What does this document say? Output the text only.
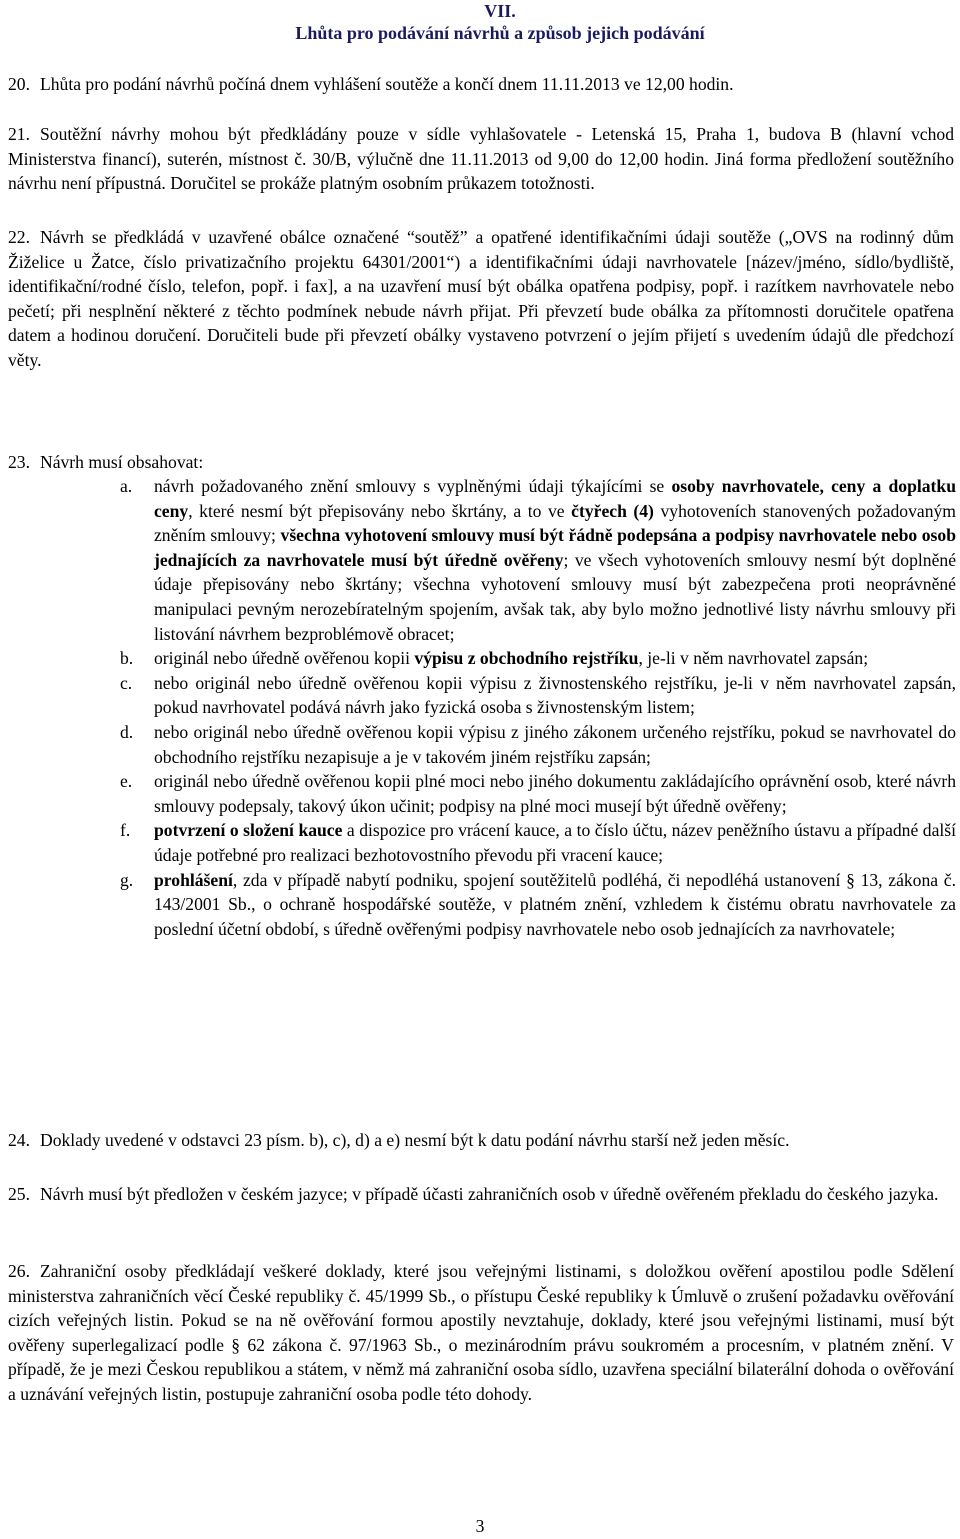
VII.
Lhůta pro podávání návrhů a způsob jejich podávání
20. Lhůta pro podání návrhů počíná dnem vyhlášení soutěže a končí dnem 11.11.2013 ve 12,00 hodin.
21. Soutěžní návrhy mohou být předkládány pouze v sídle vyhlašovatele - Letenská 15, Praha 1, budova B (hlavní vchod Ministerstva financí), suterén, místnost č. 30/B, výlučně dne 11.11.2013 od 9,00 do 12,00 hodin. Jiná forma předložení soutěžního návrhu není přípustná. Doručitel se prokáže platným osobním průkazem totožnosti.
22. Návrh se předkládá v uzavřené obálce označené “soutěž” a opatřené identifikačními údaji soutěže („OVS na rodinný dům Žiželice u Žatce, číslo privatizačního projektu 64301/2001“) a identifikačními údaji navrhovatele [název/jméno, sídlo/bydliště, identifikační/rodné číslo, telefon, popř. i fax], a na uzavření musí být obálka opatřena podpisy, popř. i razítkem navrhovatele nebo pečetí; při nesplnění některé z těchto podmínek nebude návrh přijat. Při převzetí bude obálka za přítomnosti doručitele opatřena datem a hodinou doručení. Doručiteli bude při převzetí obálky vystaveno potvrzení o jejím přijetí s uvedením údajů dle předchozí věty.
23. Návrh musí obsahovat:
a. návrh požadovaného znění smlouvy s vyplněnými údaji týkajícími se osoby navrhovatele, ceny a doplatku ceny, které nesmí být přepisovány nebo škrtány, a to ve čtyřech (4) vyhotoveních stanovených požadovaným zněním smlouvy; všechna vyhotovení smlouvy musí být řádně podepsána a podpisy navrhovatele nebo osob jednajících za navrhovatele musí být úředně ověřeny; ve všech vyhotoveních smlouvy nesmí být doplněné údaje přepisovány nebo škrtány; všechna vyhotovení smlouvy musí být zabezpečena proti neoprávněné manipulaci pevným nerozebíratelným spojením, avšak tak, aby bylo možno jednotlivé listy návrhu smlouvy při listování návrhem bezproblémově obracet;
b. originál nebo úředně ověřenou kopii výpisu z obchodního rejstříku, je-li v něm navrhovatel zapsán;
c. nebo originál nebo úředně ověřenou kopii výpisu z živnostenského rejstříku, je-li v něm navrhovatel zapsán, pokud navrhovatel podává návrh jako fyzická osoba s živnostenským listem;
d. nebo originál nebo úředně ověřenou kopii výpisu z jiného zákonem určeného rejstříku, pokud se navrhovatel do obchodního rejstříku nezapisuje a je v takovém jiném rejstříku zapsán;
e. originál nebo úředně ověřenou kopii plné moci nebo jiného dokumentu zakládajícího oprávnění osob, které návrh smlouvy podepsaly, takový úkon učinit; podpisy na plné moci musejí být úředně ověřeny;
f. potvrzení o složení kauce a dispozice pro vrácení kauce, a to číslo účtu, název peněžního ústavu a případné další údaje potřebné pro realizaci bezhotovostního převodu při vracení kauce;
g. prohlášení, zda v případě nabytí podniku, spojení soutěžitelů podléhá, či nepodléhá ustanovení § 13, zákona č. 143/2001 Sb., o ochraně hospodářské soutěže, v platném znění, vzhledem k čistému obratu navrhovatele za poslední účetní období, s úředně ověřenými podpisy navrhovatele nebo osob jednajících za navrhovatele;
24. Doklady uvedené v odstavci 23 písm. b), c), d) a e) nesmí být k datu podání návrhu starší než jeden měsíc.
25. Návrh musí být předložen v českém jazyce; v případě účasti zahraničních osob v úředně ověřeném překladu do českého jazyka.
26. Zahraniční osoby předkládají veškeré doklady, které jsou veřejnými listinami, s doložkou ověření apostilou podle Sdělení ministerstva zahraničních věcí České republiky č. 45/1999 Sb., o přístupu České republiky k Úmluvě o zrušení požadavku ověřování cizích veřejných listin. Pokud se na ně ověřování formou apostily nevztahuje, doklady, které jsou veřejnými listinami, musí být ověřeny superlegalizací podle § 62 zákona č. 97/1963 Sb., o mezinárodním právu soukromém a procesním, v platném znění. V případě, že je mezi Českou republikou a státem, v němž má zahraniční osoba sídlo, uzavřena speciální bilaterální dohoda o ověřování a uznávání veřejných listin, postupuje zahraniční osoba podle této dohody.
3
